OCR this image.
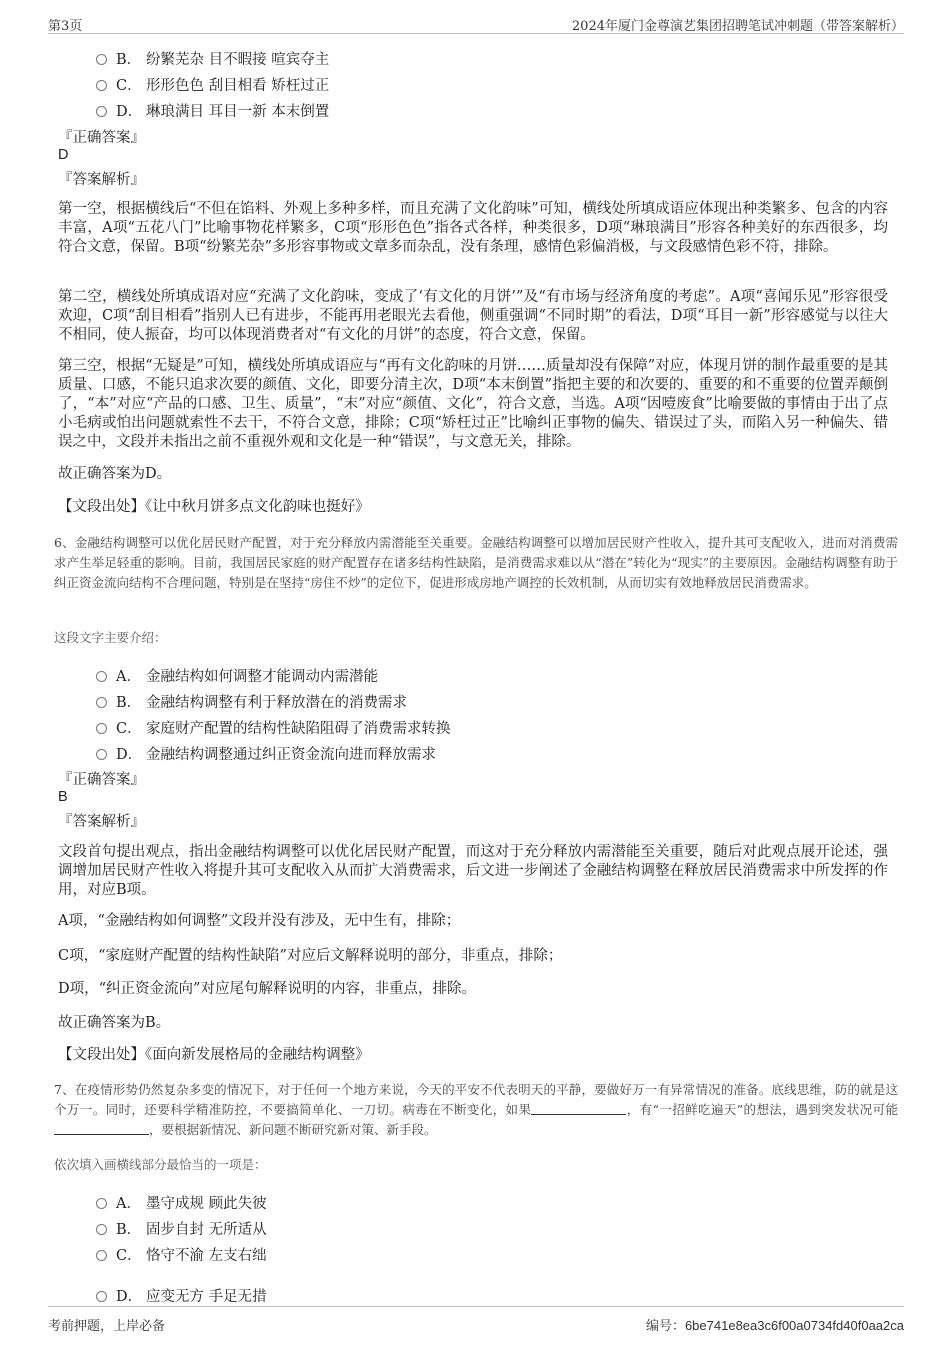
第3页	2024年厦门金尊演艺集团招聘笔试冲刺题（带答案解析）
B． 纷繁芜杂 目不暇接 喧宾夺主
C． 形形色色 刮目相看 矫枉过正
D． 琳琅满目 耳目一新 本末倒置
『正确答案』
D
『答案解析』

第一空，根据横线后“不但在馅料、外观上多种多样，而且充满了文化韵味”可知，横线处所填成语应体现出种类繁多、包含的内容丰富，A项“五花八门”比喻事物花样繁多，C项“形形色色”指各式各样，种类很多，D项“琳琅满目”形容各种美好的东西很多，均符合文意，保留。B项“纷繁芜杂”多形容事物或文章多而杂乱，没有条理，感情色彩偏消极，与文段感情色彩不符，排除。

第二空，横线处所填成语对应“充满了文化韵味，变成了‘有文化的月饼’”及“有市场与经济角度的考虑”。A项“喜闻乐见”形容很受欢迎，C项“刮目相看”指别人已有进步，不能再用老眼光去看他，侧重强调“不同时期”的看法，D项“耳目一新”形容感觉与以往大不相同，使人振奋，均可以体现消费者对“有文化的月饼”的态度，符合文意，保留。

第三空，根据“无疑是”可知，横线处所填成语应与“再有文化韵味的月饼……质量却没有保障”对应，体现月饼的制作最重要的是其质量、口感，不能只追求次要的颜值、文化，即要分清主次，D项“本末倒置”指把主要的和次要的、重要的和不重要的位置弄颠倒了，“本”对应“产品的口感、卫生、质量”，“末”对应“颜值、文化”，符合文意，当选。A项“因噎废食”比喻要做的事情由于出了点小毛病或怕出问题就索性不去干，不符合文意，排除；C项“矫枉过正”比喻纠正事物的偏失、错误过了头，而陷入另一种偏失、错误之中，文段并未指出之前不重视外观和文化是一种“错误”，与文意无关，排除。

故正确答案为D。

【文段出处】《让中秋月饼多点文化韵味也挺好》

6、金融结构调整可以优化居民财产配置，对于充分释放内需潜能至关重要。金融结构调整可以增加居民财产性收入，提升其可支配收入，进而对消费需求产生举足轻重的影响。目前，我国居民家庭的财产配置存在诸多结构性缺陷，是消费需求难以从“潜在”转化为“现实”的主要原因。金融结构调整有助于纠正资金流向结构不合理问题，特别是在坚持“房住不炒”的定位下，促进形成房地产调控的长效机制，从而切实有效地释放居民消费需求。

这段文字主要介绍：
A． 金融结构如何调整才能调动内需潜能
B． 金融结构调整有利于释放潜在的消费需求
C． 家庭财产配置的结构性缺陷阻碍了消费需求转换
D． 金融结构调整通过纠正资金流向进而释放需求
『正确答案』
B
『答案解析』

文段首句提出观点，指出金融结构调整可以优化居民财产配置，而这对于充分释放内需潜能至关重要，随后对此观点展开论述，强调增加居民财产性收入将提升其可支配收入从而扩大消费需求，后文进一步阐述了金融结构调整在释放居民消费需求中所发挥的作用，对应B项。

A项，“金融结构如何调整”文段并没有涉及，无中生有，排除；

C项，“家庭财产配置的结构性缺陷”对应后文解释说明的部分，非重点，排除；

D项，“纠正资金流向”对应尾句解释说明的内容，非重点，排除。

故正确答案为B。

【文段出处】《面向新发展格局的金融结构调整》

7、在疫情形势仍然复杂多变的情况下，对于任何一个地方来说，今天的平安不代表明天的平静，要做好万一有异常情况的准备。底线思维，防的就是这个万一。同时，还要科学精准防控，不要搞简单化、一刀切。病毒在不断变化，如果	，有“一招鲜吃遍天”的想法，遇到突发状况可能，要根据新情况、新问题不断研究新对策、新手段。

依次填入画横线部分最恰当的一项是：
A． 墨守成规 顾此失彼
B． 固步自封 无所适从
C． 恪守不渝 左支右绌
D． 应变无方 手足无措
考前押题，上岸必备	编号：6be741e8ea3c6f00a0734fd40f0aa2ca
